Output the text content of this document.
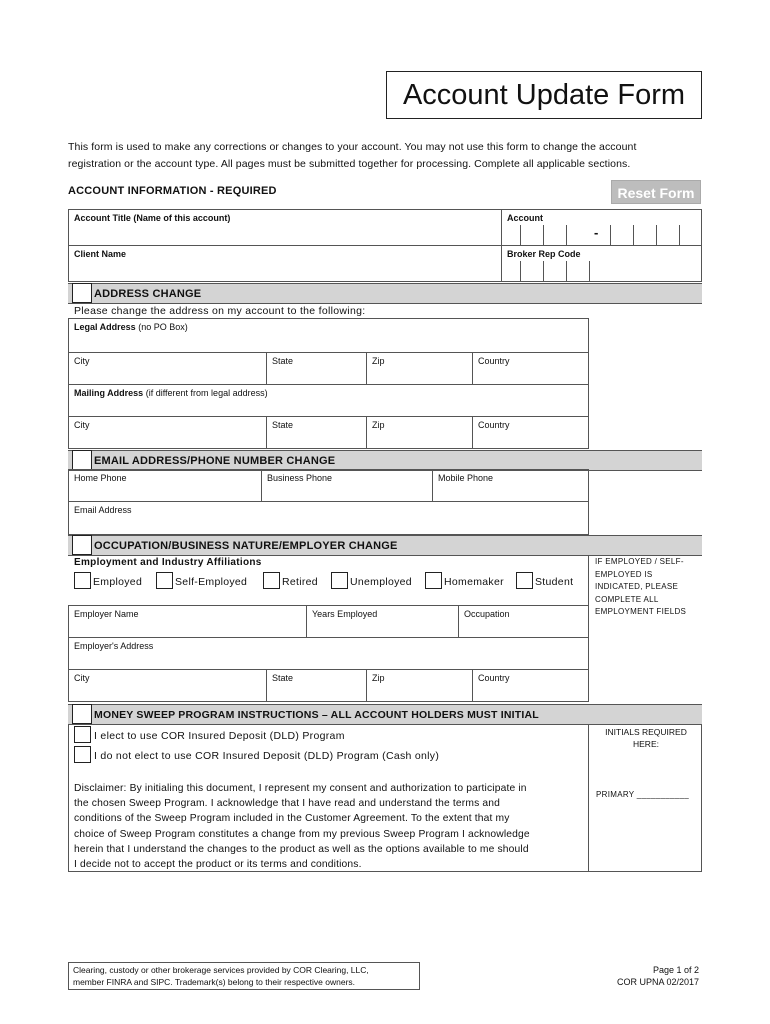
Account Update Form
This form is used to make any corrections or changes to your account. You may not use this form to change the account
registration or the account type. All pages must be submitted together for processing. Complete all applicable sections.
ACCOUNT INFORMATION - REQUIRED	Reset Form
Account Title (Name of this account)	Account
-
Client Name	Broker Rep Code
ADDRESS CHANGE
Please change the address on my account to the following:
Legal Address (no PO Box)
City	State	Zip	Country
Mailing Address (if different from legal address)
City	State	Zip	Country
EMAIL ADDRESS/PHONE NUMBER CHANGE
Home Phone	Business Phone	Mobile Phone
Email Address
OCCUPATION/BUSINESS NATURE/EMPLOYER CHANGE
Employment and Industry Affiliations
Employed	Self-Employed	Retired	Unemployed	Homemaker	Student
IF EMPLOYED / SELF-EMPLOYED IS INDICATED, PLEASE COMPLETE ALL EMPLOYMENT FIELDS
Employer Name	Years Employed	Occupation
Employer's Address
City	State	Zip	Country
MONEY SWEEP PROGRAM INSTRUCTIONS – ALL ACCOUNT HOLDERS MUST INITIAL
I elect to use COR Insured Deposit (DLD) Program
I do not elect to use COR Insured Deposit (DLD) Program (Cash only)
INITIALS REQUIRED HERE:
PRIMARY ___________
Disclaimer: By initialing this document, I represent my consent and authorization to participate in
the chosen Sweep Program. I acknowledge that I have read and understand the terms and
conditions of the Sweep Program included in the Customer Agreement. To the extent that my
choice of Sweep Program constitutes a change from my previous Sweep Program I acknowledge
herein that I understand the changes to the product as well as the options available to me should
I decide not to accept the product or its terms and conditions.
Clearing, custody or other brokerage services provided by COR Clearing, LLC,
member FINRA and SIPC. Trademark(s) belong to their respective owners.
Page 1 of 2
COR UPNA 02/2017
